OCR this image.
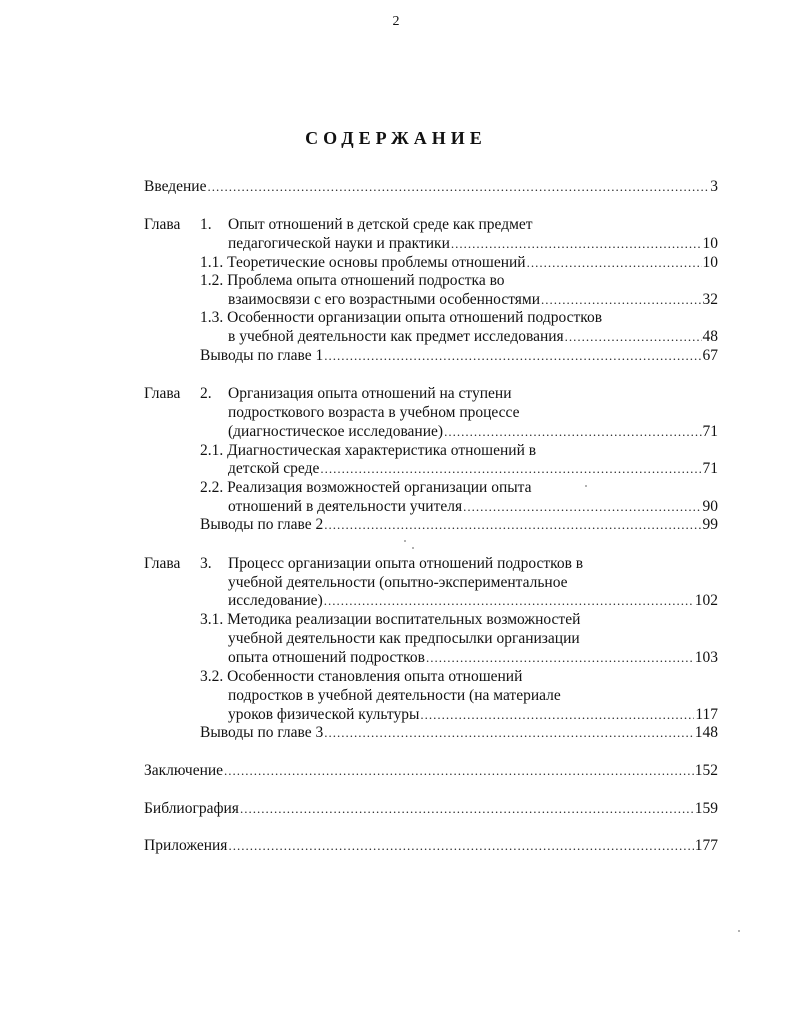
2
СОДЕРЖАНИЕ
Введение .....	3
Глава 1. Опыт отношений в детской среде как предмет
педагогической науки и практики .....	10
1.1. Теоретические основы проблемы отношений .....	10
1.2. Проблема опыта отношений подростка во
взаимосвязи с его возрастными особенностями .....	32
1.3. Особенности организации опыта отношений подростков
в учебной деятельности как предмет исследования .....	48
Выводы по главе 1 .....	67
Глава 2. Организация опыта отношений на ступени
подросткового возраста в учебном процессе
(диагностическое исследование) .....	71
2.1. Диагностическая характеристика отношений в
детской среде .....	71
2.2. Реализация возможностей организации опыта
отношений в деятельности учителя .....	90
Выводы по главе 2 .....	99
Глава 3. Процесс организации опыта отношений подростков в
учебной деятельности (опытно-экспериментальное
исследование) .....	102
3.1. Методика реализации воспитательных возможностей
учебной деятельности как предпосылки организации
опыта отношений подростков .....	103
3.2. Особенности становления опыта отношений
подростков в учебной деятельности (на материале
уроков физической культуры .....	117
Выводы по главе 3 .....	148
Заключение .....	152
Библиография .....	159
Приложения .....	177
